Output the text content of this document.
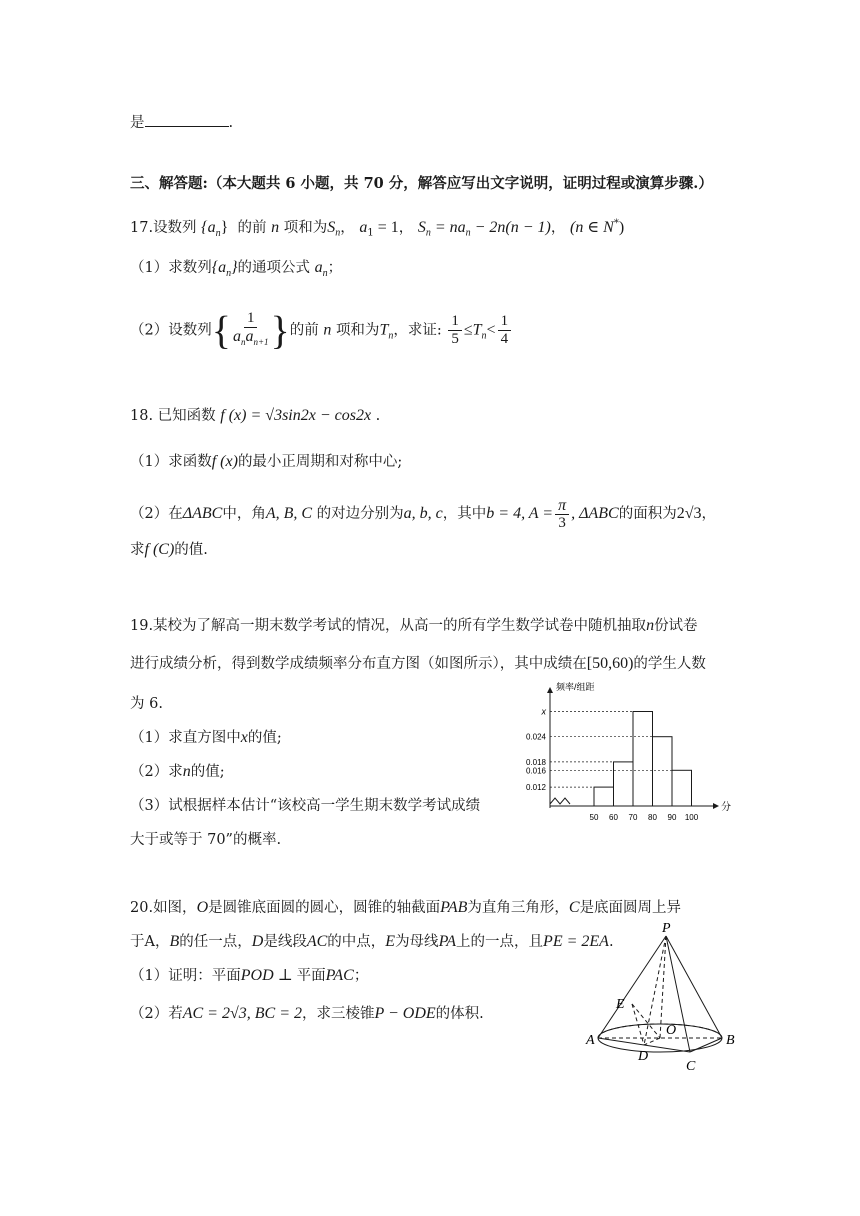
是	.
三、解答题:（本大题共 6 小题，共 70 分，解答应写出文字说明，证明过程或演算步骤.）
17.设数列 $\{a_n\}$ 的前 n 项和为$S_n$， $a_1 = 1$， $S_n = na_n - 2n(n - 1)$， (n ∈ N*)
（1）求数列$\{a_n\}$的通项公式 $a_n$；
（2）设数列{ $\frac{1}{a_na_{n+1}}$ }的前 n 项和为$T_n$，求证: $\frac{1}{5} \le T_n< \frac{1}{4}$
18. 已知函数 f (x) = √3sin2x − cos2x .
（1）求函数f (x)的最小正周期和对称中心;
（2）在ΔABC中，角A, B, C 的对边分别为a, b, c，其中b = 4, $A = \frac{\pi}{3}$ , ΔABC的面积为2√3，
求f (C)的值.
19.某校为了解高一期末数学考试的情况，从高一的所有学生数学试卷中随机抽取n份试卷
进行成绩分析，得到数学成绩频率分布直方图（如图所示），其中成绩在[50,60)的学生人数
为 6.
（1）求直方图中x的值;
（2）求n的值;
（3）试根据样本估计“该校高一学生期末数学考试成绩
大于或等于 70”的概率.
x
0.024
0.018
0.016
0.012
50 60 70 80 90 100
频率/组距
分
20.如图，O是圆锥底面圆的圆心，圆锥的轴截面PAB为直角三角形，C是底面圆周上异
于A，B的任一点，D是线段AC的中点，E为母线PA上的一点，且PE = 2EA.
（1）证明：平面POD ⊥ 平面PAC；
（2）若AC = 2√3, BC = 2，求三棱锥P − ODE的体积.
P
E
O
A
D
B
C
